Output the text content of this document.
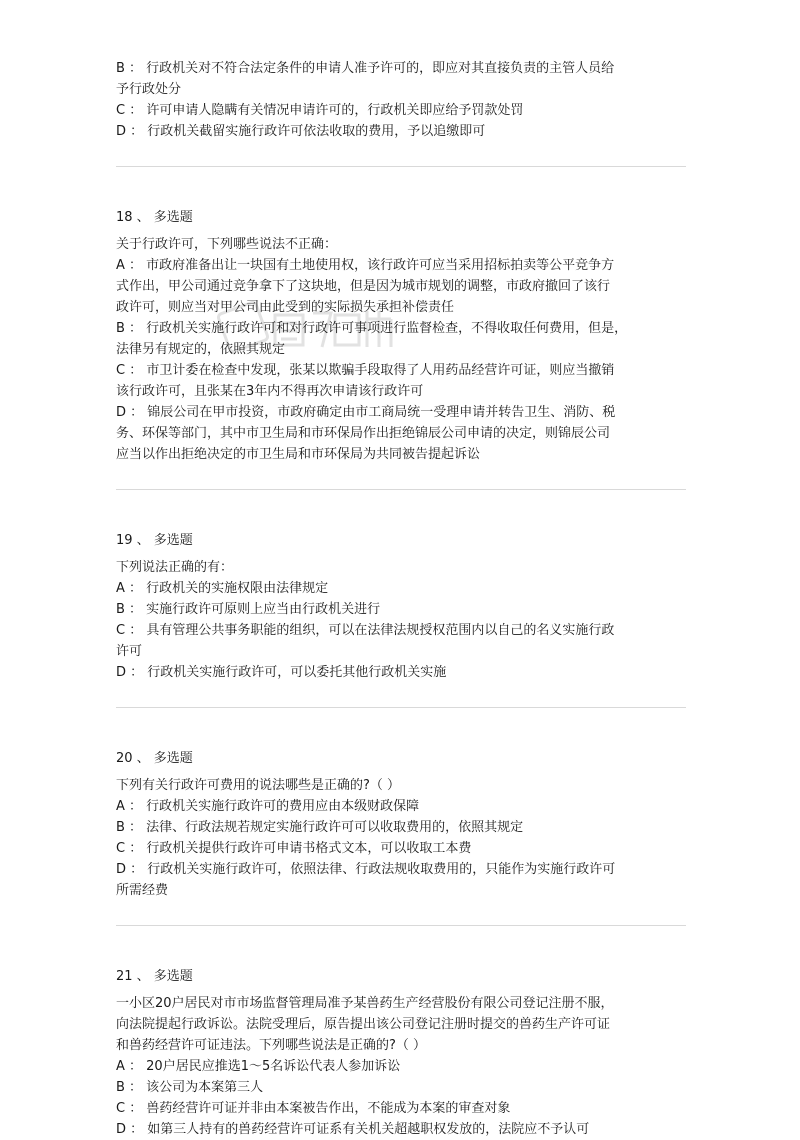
B ： 行政机关对不符合法定条件的申请人准予许可的，即应对其直接负责的主管人员给
予行政处分
C ： 许可申请人隐瞒有关情况申请许可的，行政机关即应给予罚款处罚
D ： 行政机关截留实施行政许可依法收取的费用，予以追缴即可
18 、 多选题
关于行政许可，下列哪些说法不正确：
A ： 市政府准备出让一块国有土地使用权，该行政许可应当采用招标拍卖等公平竞争方
式作出，甲公司通过竞争拿下了这块地，但是因为城市规划的调整，市政府撤回了该行
政许可，则应当对甲公司由此受到的实际损失承担补偿责任
B ： 行政机关实施行政许可和对行政许可事项进行监督检查，不得收取任何费用，但是，
法律另有规定的，依照其规定
C ： 市卫计委在检查中发现，张某以欺骗手段取得了人用药品经营许可证，则应当撤销
该行政许可，且张某在3年内不得再次申请该行政许可
D ： 锦辰公司在甲市投资，市政府确定由市工商局统一受理申请并转告卫生、消防、税
务、环保等部门，其中市卫生局和市环保局作出拒绝锦辰公司申请的决定，则锦辰公司
应当以作出拒绝决定的市卫生局和市环保局为共同被告提起诉讼
19 、 多选题
下列说法正确的有：
A ： 行政机关的实施权限由法律规定
B ： 实施行政许可原则上应当由行政机关进行
C ： 具有管理公共事务职能的组织，可以在法律法规授权范围内以自己的名义实施行政
许可
D ： 行政机关实施行政许可，可以委托其他行政机关实施
20 、 多选题
下列有关行政许可费用的说法哪些是正确的?（ ）
A ： 行政机关实施行政许可的费用应由本级财政保障
B ： 法律、行政法规若规定实施行政许可可以收取费用的，依照其规定
C ： 行政机关提供行政许可申请书格式文本，可以收取工本费
D ： 行政机关实施行政许可，依照法律、行政法规收取费用的，只能作为实施行政许可
所需经费
21 、 多选题
一小区20户居民对市市场监督管理局准予某兽药生产经营股份有限公司登记注册不服，
向法院提起行政诉讼。法院受理后，原告提出该公司登记注册时提交的兽药生产许可证
和兽药经营许可证违法。下列哪些说法是正确的?（ ）
A ： 20户居民应推选1～5名诉讼代表人参加诉讼
B ： 该公司为本案第三人
C ： 兽药经营许可证并非由本案被告作出，不能成为本案的审查对象
D ： 如第三人持有的兽药经营许可证系有关机关超越职权发放的，法院应不予认可
